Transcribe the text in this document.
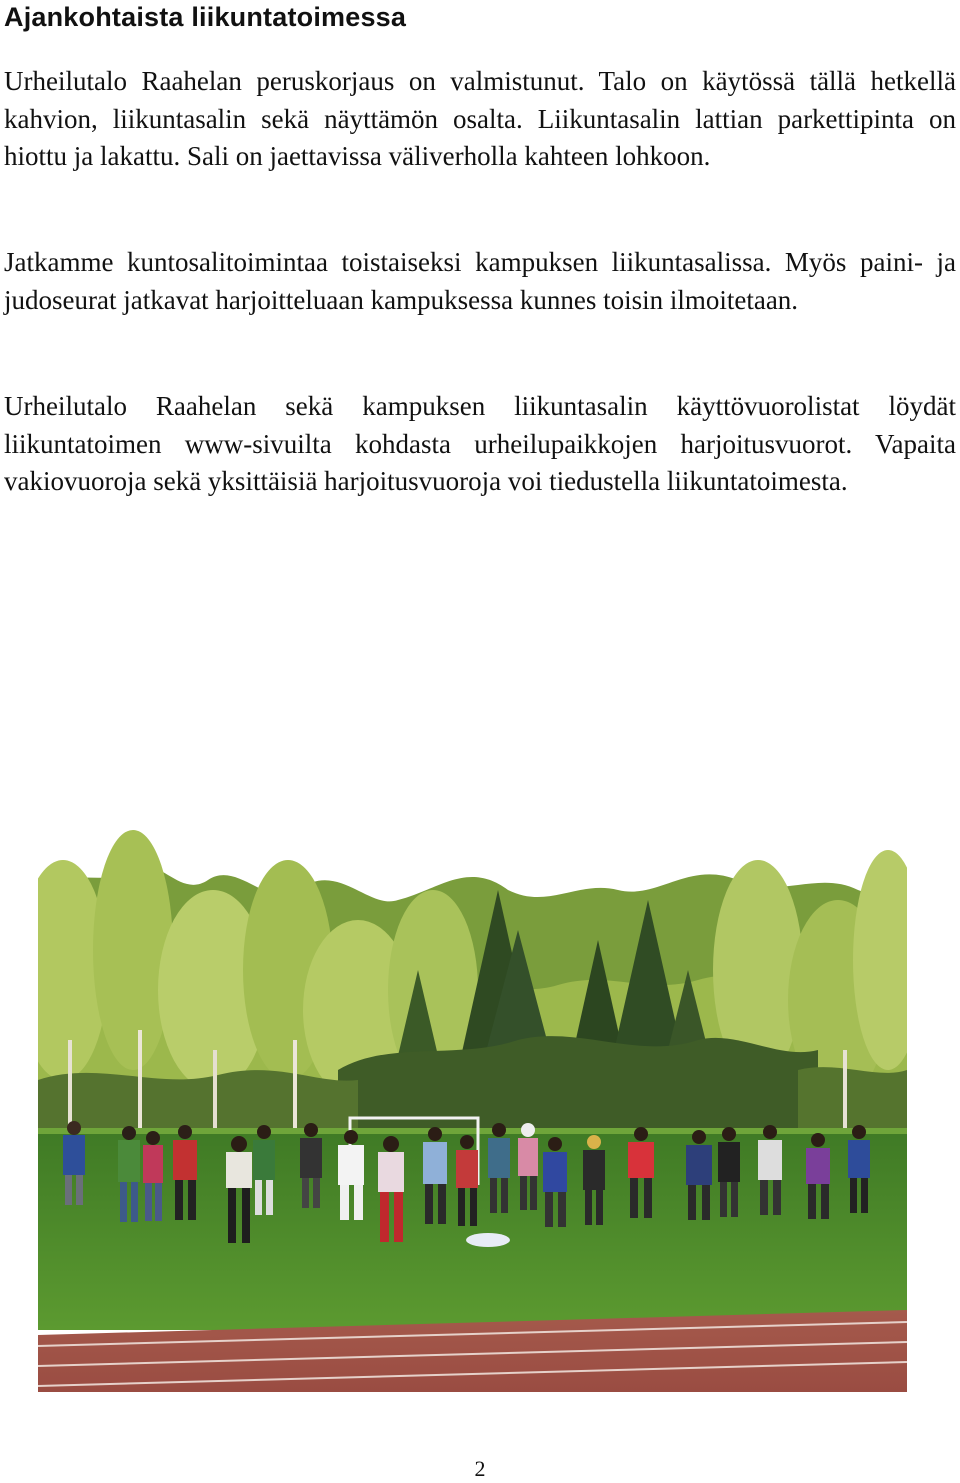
Ajankohtaista liikuntatoimessa

Urheilutalo Raahelan peruskorjaus on valmistunut. Talo on käytössä tällä hetkellä kahvion, liikuntasalin sekä näyttämön osalta. Liikuntasalin lattian parkettipinta on hiottu ja lakattu. Sali on jaettavissa väliverholla kahteen lohkoon.

Jatkamme kuntosalitoimintaa toistaiseksi kampuksen liikuntasalissa. Myös paini- ja judoseurat jatkavat harjoitteluaan kampuksessa kunnes toisin ilmoitetaan.

Urheilutalo Raahelan sekä kampuksen liikuntasalin käyttövuorolistat löydät liikuntatoimen www-sivuilta kohdasta urheilupaikkojen harjoitusvuorot. Vapaita vakiovuoroja sekä yksittäisiä harjoitusvuoroja voi tiedustella liikuntatoimesta.

2
